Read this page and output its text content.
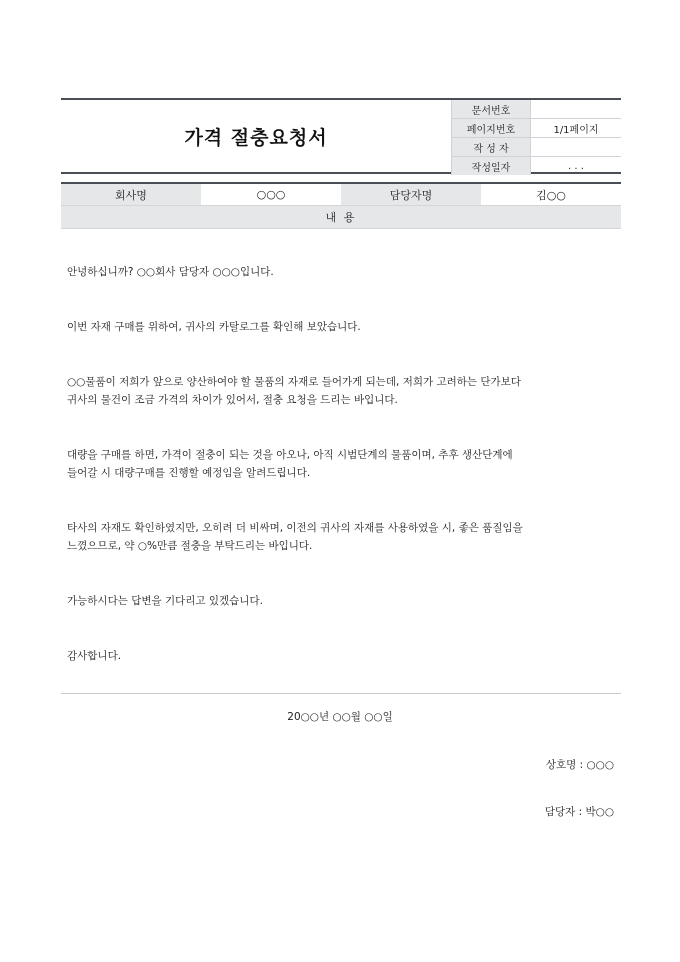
가격 절충요청서
문서번호
페이지번호	1/1페이지
작 성 자
작성일자	. . .
회사명	○○○	담당자명	김○○
내 용
안녕하십니까? ○○회사 담당자 ○○○입니다.
이번 자재 구매를 위하여, 귀사의 카탈로그를 확인해 보았습니다.
○○물품이 저희가 앞으로 양산하여야 할 물품의 자재로 들어가게 되는데, 저희가 고려하는 단가보다
귀사의 물건이 조금 가격의 차이가 있어서, 절충 요청을 드리는 바입니다.
대량을 구매를 하면, 가격이 절충이 되는 것을 아오나, 아직 시범단계의 물품이며, 추후 생산단계에
들어갈 시 대량구매를 진행할 예정임을 알려드립니다.
타사의 자재도 확인하였지만, 오히려 더 비싸며, 이전의 귀사의 자재를 사용하였을 시, 좋은 품질임을
느꼈으므로, 약 ○%만큼 절충을 부탁드리는 바입니다.
가능하시다는 답변을 기다리고 있겠습니다.
감사합니다.
20○○년 ○○월 ○○일
상호명 : ○○○
담당자 : 박○○
